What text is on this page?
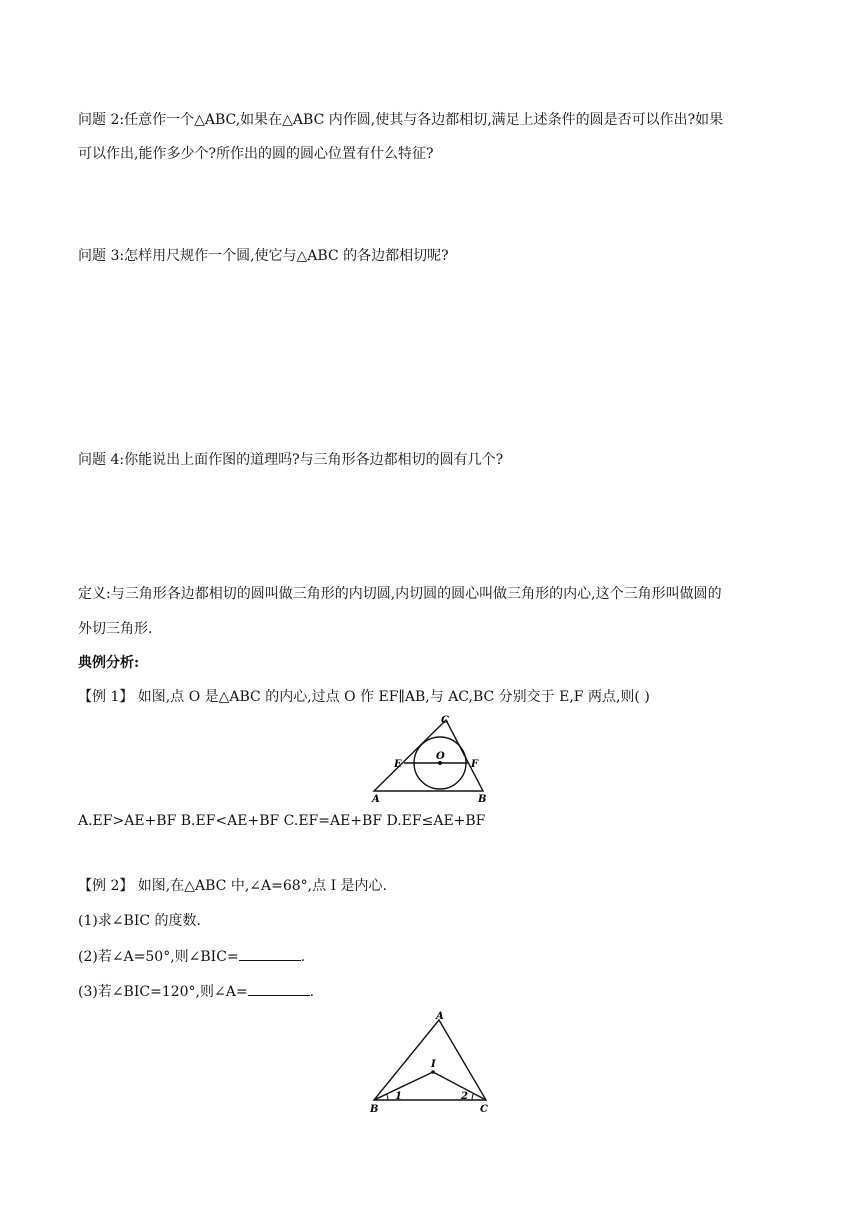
问题 2:任意作一个△ABC,如果在△ABC 内作圆,使其与各边都相切,满足上述条件的圆是否可以作出?如果
可以作出,能作多少个?所作出的圆的圆心位置有什么特征?
问题 3:怎样用尺规作一个圆,使它与△ABC 的各边都相切呢?
问题 4:你能说出上面作图的道理吗?与三角形各边都相切的圆有几个?
定义:与三角形各边都相切的圆叫做三角形的内切圆,内切圆的圆心叫做三角形的内心,这个三角形叫做圆的
外切三角形.
典例分析:
【例 1】 如图,点 O 是△ABC 的内心,过点 O 作 EF∥AB,与 AC,BC 分别交于 E,F 两点,则( )
C
E
O
F
A	B
A.EF>AE+BF B.EF<AE+BF C.EF=AE+BF D.EF≤AE+BF
【例 2】 如图,在△ABC 中,∠A=68°,点 I 是内心.
(1)求∠BIC 的度数.
(2)若∠A=50°,则∠BIC=	.
(3)若∠BIC=120°,则∠A=	.
A
I
B	C
1	2
